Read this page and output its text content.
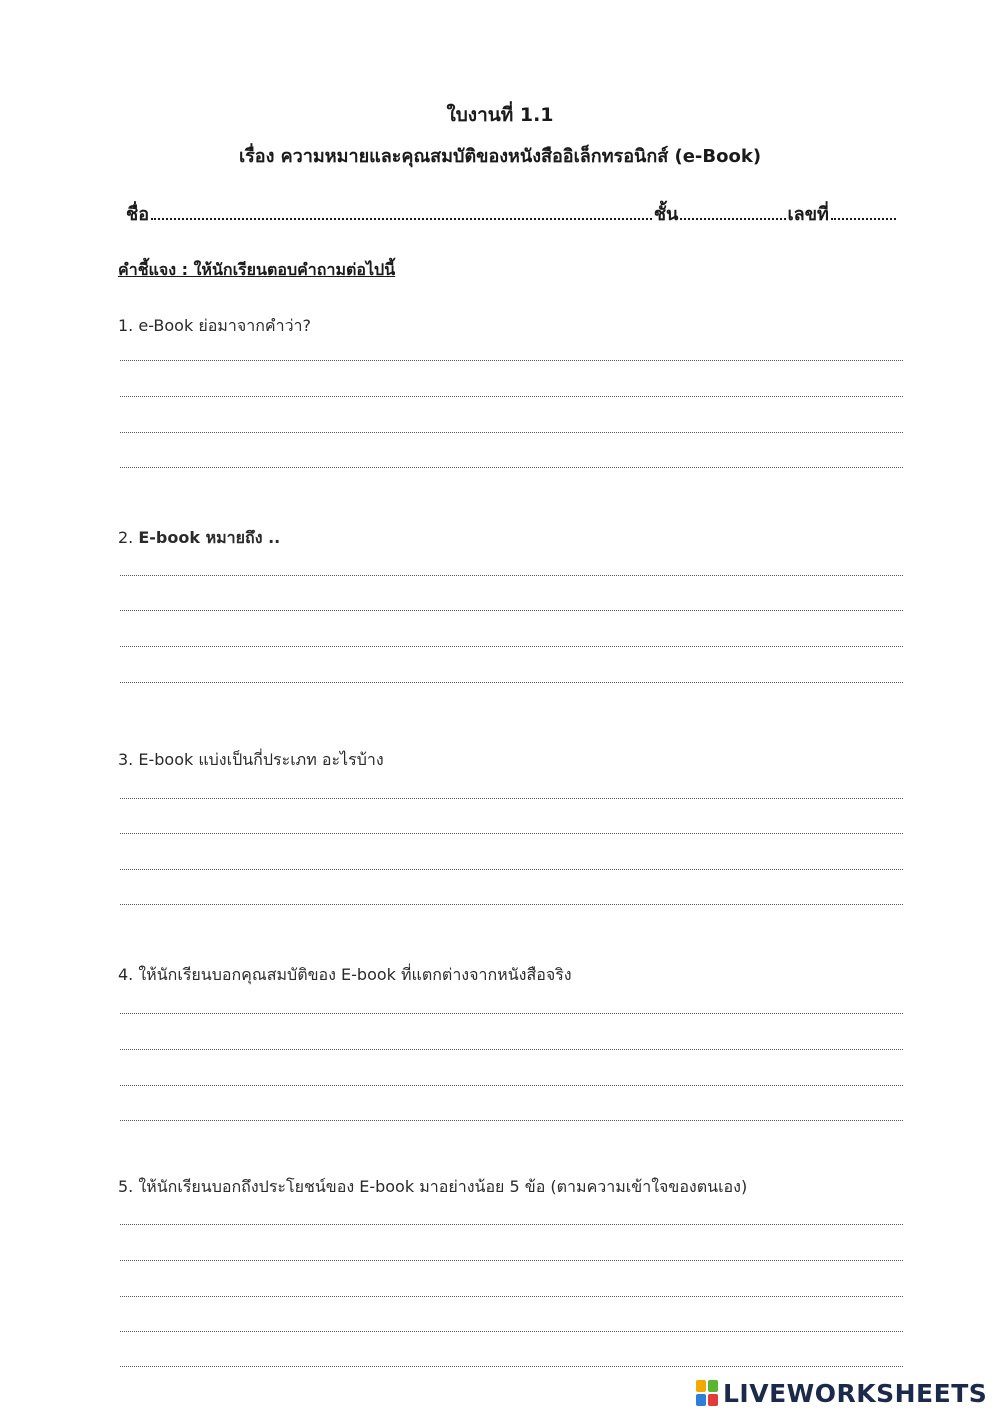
ใบงานที่ 1.1
เรื่อง ความหมายและคุณสมบัติของหนังสืออิเล็กทรอนิกส์ (e-Book)
ชื่อ	ชั้น	เลขที่
คำชี้แจง : ให้นักเรียนตอบคำถามต่อไปนี้
1. e-Book ย่อมาจากคำว่า?
2. E-book หมายถึง ..
3. E-book แบ่งเป็นกี่ประเภท อะไรบ้าง
4. ให้นักเรียนบอกคุณสมบัติของ E-book ที่แตกต่างจากหนังสือจริง
5. ให้นักเรียนบอกถึงประโยชน์ของ E-book มาอย่างน้อย 5 ข้อ (ตามความเข้าใจของตนเอง)
LIVEWORKSHEETS
